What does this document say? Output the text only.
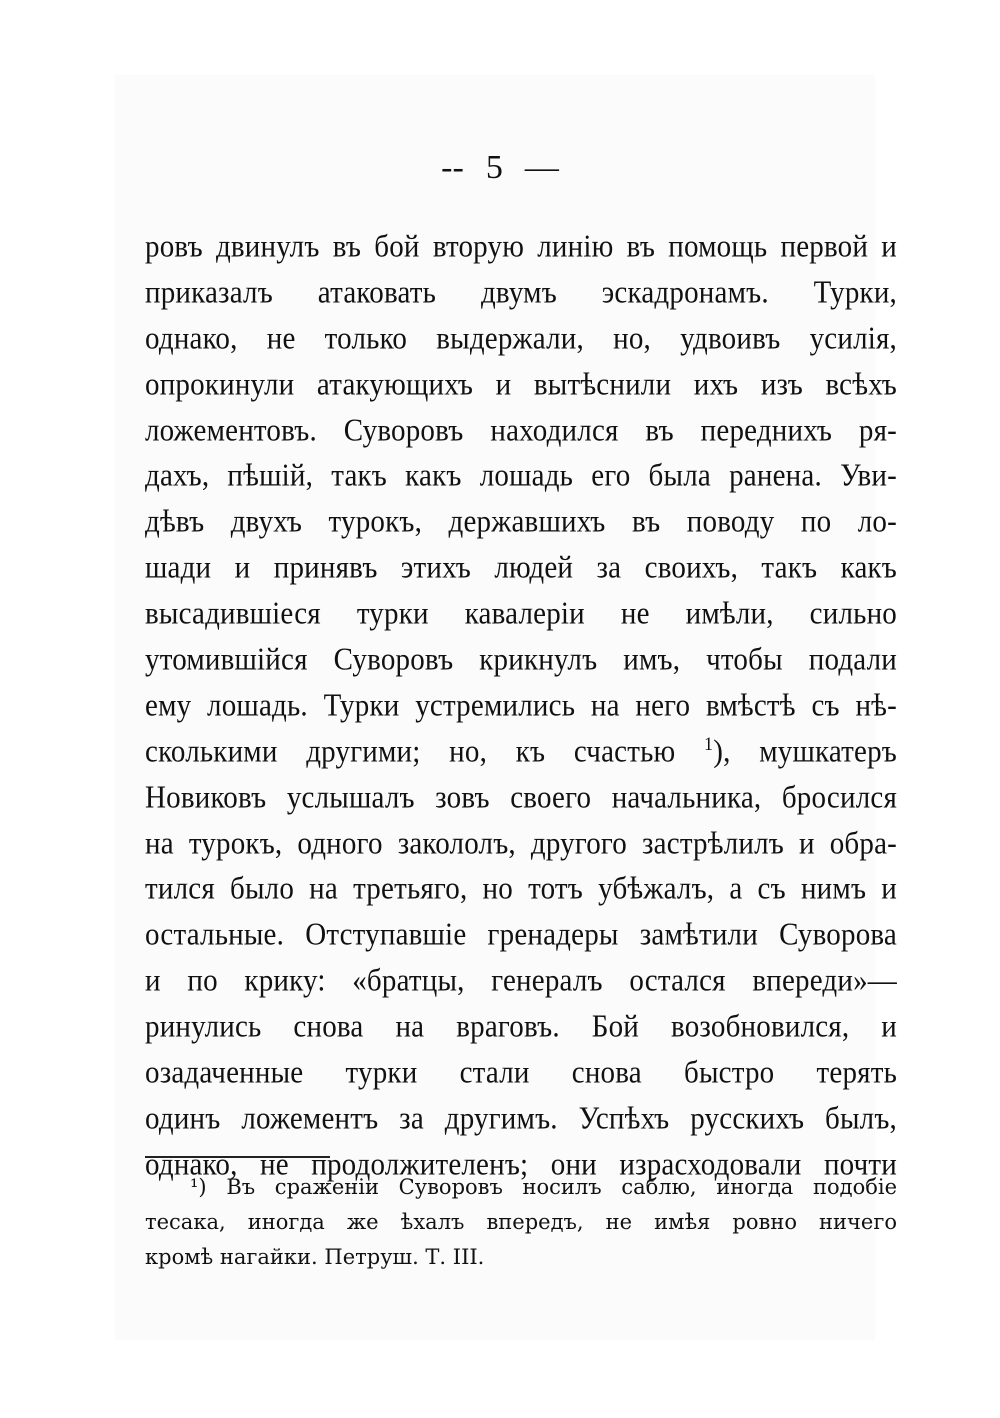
-- 5 —
ровъ двинулъ въ бой вторую линію въ помощь первой и
приказалъ атаковать двумъ эскадронамъ. Турки,
однако, не только выдержали, но, удвоивъ усилія,
опрокинули атакующихъ и вытѣснили ихъ изъ всѣхъ
ложементовъ. Суворовъ находился въ переднихъ ря-
дахъ, пѣшій, такъ какъ лошадь его была ранена. Уви-
дѣвъ двухъ турокъ, державшихъ въ поводу по ло-
шади и принявъ этихъ людей за своихъ, такъ какъ
высадившіеся турки кавалеріи не имѣли, сильно
утомившійся Суворовъ крикнулъ имъ, чтобы подали
ему лошадь. Турки устремились на него вмѣстѣ съ нѣ-
сколькими другими; но, къ счастью $^1$), мушкатеръ
Новиковъ услышалъ зовъ своего начальника, бросился
на турокъ, одного закололъ, другого застрѣлилъ и обра-
тился было на третьяго, но тотъ убѣжалъ, а съ нимъ и
остальные. Отступавшіе гренадеры замѣтили Суворова
и по крику: «братцы, генералъ остался впереди»—
ринулись снова на враговъ. Бой возобновился, и
озадаченные турки стали снова быстро терять
одинъ ложементъ за другимъ. Успѣхъ русскихъ былъ,
однако, не продолжителенъ; они израсходовали почти
¹) Въ сраженіи Суворовъ носилъ саблю, иногда подобіе
тесака, иногда же ѣхалъ впередъ, не имѣя ровно ничего
кромѣ нагайки. Петруш. Т. III.
